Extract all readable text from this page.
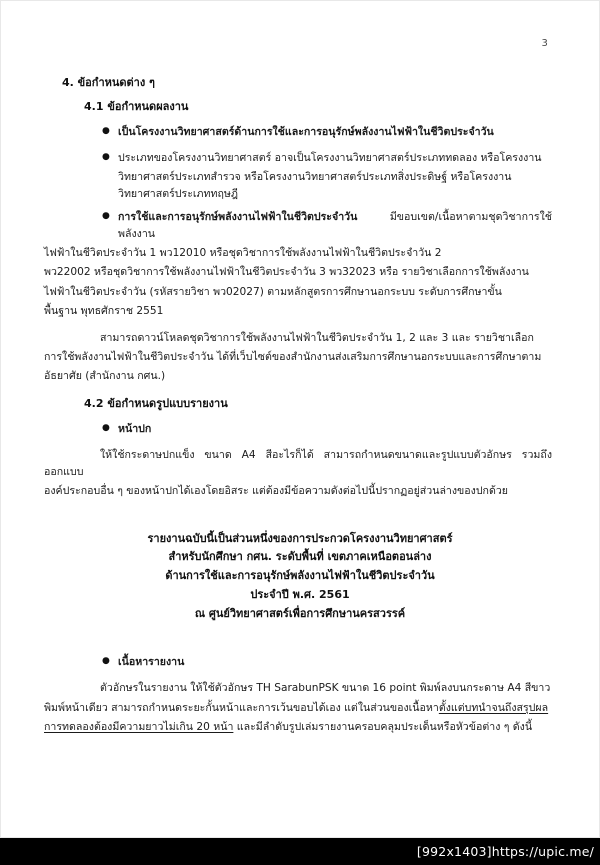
3
4. ข้อกำหนดต่าง ๆ
4.1 ข้อกำหนดผลงาน
● เป็นโครงงานวิทยาศาสตร์ด้านการใช้และการอนุรักษ์พลังงานไฟฟ้าในชีวิตประจำวัน
● ประเภทของโครงงานวิทยาศาสตร์ อาจเป็นโครงงานวิทยาศาสตร์ประเภททดลอง หรือโครงงาน
วิทยาศาสตร์ประเภทสำรวจ หรือโครงงานวิทยาศาสตร์ประเภทสิ่งประดิษฐ์ หรือโครงงาน
วิทยาศาสตร์ประเภททฤษฎี
● การใช้และการอนุรักษ์พลังงานไฟฟ้าในชีวิตประจำวัน มีขอบเขต/เนื้อหาตามชุดวิชาการใช้พลังงาน
ไฟฟ้าในชีวิตประจำวัน 1 พว12010 หรือชุดวิชาการใช้พลังงานไฟฟ้าในชีวิตประจำวัน 2
พว22002 หรือชุดวิชาการใช้พลังงานไฟฟ้าในชีวิตประจำวัน 3 พว32023 หรือ รายวิชาเลือกการใช้พลังงาน
ไฟฟ้าในชีวิตประจำวัน (รหัสรายวิชา พว02027) ตามหลักสูตรการศึกษานอกระบบ ระดับการศึกษาขั้น
พื้นฐาน พุทธศักราช 2551
สามารถดาวน์โหลดชุดวิชาการใช้พลังงานไฟฟ้าในชีวิตประจำวัน 1, 2 และ 3 และ รายวิชาเลือก
การใช้พลังงานไฟฟ้าในชีวิตประจำวัน ได้ที่เว็บไซต์ของสำนักงานส่งเสริมการศึกษานอกระบบและการศึกษาตาม
อัธยาศัย (สำนักงาน กศน.)
4.2 ข้อกำหนดรูปแบบรายงาน
● หน้าปก
ให้ใช้กระดาษปกแข็ง ขนาด A4 สีอะไรก็ได้ สามารถกำหนดขนาดและรูปแบบตัวอักษร รวมถึงออกแบบ
องค์ประกอบอื่น ๆ ของหน้าปกได้เองโดยอิสระ แต่ต้องมีข้อความดังต่อไปนี้ปรากฏอยู่ส่วนล่างของปกด้วย
รายงานฉบับนี้เป็นส่วนหนึ่งของการประกวดโครงงานวิทยาศาสตร์
สำหรับนักศึกษา กศน. ระดับพื้นที่ เขตภาคเหนือตอนล่าง
ด้านการใช้และการอนุรักษ์พลังงานไฟฟ้าในชีวิตประจำวัน
ประจำปี พ.ศ. 2561
ณ ศูนย์วิทยาศาสตร์เพื่อการศึกษานครสวรรค์
● เนื้อหารายงาน
ตัวอักษรในรายงาน ให้ใช้ตัวอักษร TH SarabunPSK ขนาด 16 point พิมพ์ลงบนกระดาษ A4 สีขาว
พิมพ์หน้าเดียว สามารถกำหนดระยะกั้นหน้าและการเว้นขอบได้เอง แต่ในส่วนของเนื้อหาตั้งแต่บทนำจนถึงสรุปผล
การทดลองต้องมีความยาวไม่เกิน 20 หน้า และมีลำดับรูปเล่มรายงานครอบคลุมประเด็นหรือหัวข้อต่าง ๆ ดังนี้
[992x1403]https://upic.me/
